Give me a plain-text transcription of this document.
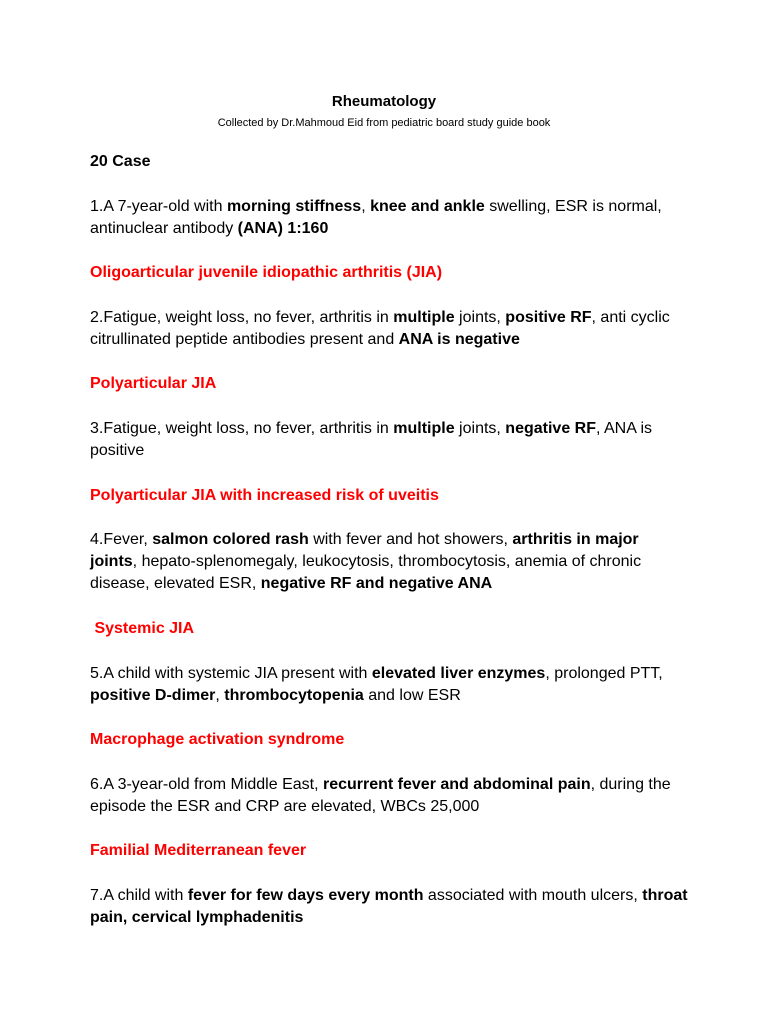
Rheumatology
Collected by Dr.Mahmoud Eid from pediatric board study guide book

20 Case

1.A 7-year-old with morning stiffness, knee and ankle swelling, ESR is normal, antinuclear antibody (ANA) 1:160

Oligoarticular juvenile idiopathic arthritis (JIA)

2.Fatigue, weight loss, no fever, arthritis in multiple joints, positive RF, anti cyclic citrullinated peptide antibodies present and ANA is negative

Polyarticular JIA

3.Fatigue, weight loss, no fever, arthritis in multiple joints, negative RF, ANA is positive

Polyarticular JIA with increased risk of uveitis

4.Fever, salmon colored rash with fever and hot showers, arthritis in major joints, hepato-splenomegaly, leukocytosis, thrombocytosis, anemia of chronic disease, elevated ESR, negative RF and negative ANA

Systemic JIA

5.A child with systemic JIA present with elevated liver enzymes, prolonged PTT, positive D-dimer, thrombocytopenia and low ESR

Macrophage activation syndrome

6.A 3-year-old from Middle East, recurrent fever and abdominal pain, during the episode the ESR and CRP are elevated, WBCs 25,000

Familial Mediterranean fever

7.A child with fever for few days every month associated with mouth ulcers, throat pain, cervical lymphadenitis
